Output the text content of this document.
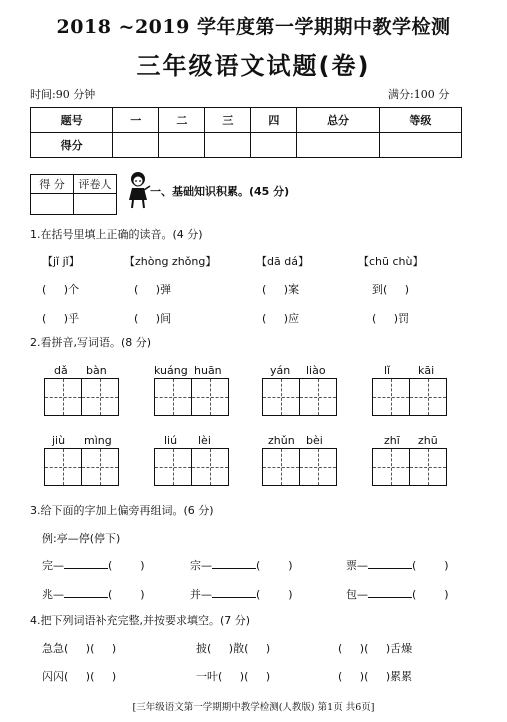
2018 ~2019 学年度第一学期期中教学检测
三年级语文试题(卷)
时间:90 分钟	满分:100 分
题号	一	二	三	四	总分	等级
得分						
得 分	评卷人

一、基础知识积累。(45 分)
1.在括号里填上正确的读音。(4 分)
【jǐ jǐ】	【zhòng zhǒng】	【dā dá】	【chū chù】
(     )个	(     )弹	(     )案	到(     )
(     )乎	(     )间	(     )应	(     )罚
2.看拼音,写词语。(8 分)
dǎ bàn	kuáng huān	yán liào	lǐ	kāi
jiù mìng	liú lèi	zhǔn bèi	zhī zhū
3.给下面的字加上偏旁再组词。(6 分)
例:亭—停(停下)
完—	(        )	宗—	(        )	票—	(        )
兆—	(        )	并—	(        )	包—	(        )
4.把下列词语补充完整,并按要求填空。(7 分)
急急(     )(     )	披(     )散(     )	(     )(     )舌燥
闪闪(     )(     )	一叶(     )(     )	(     )(     )累累
[三年级语文第一学期期中教学检测(人教版) 第1页 共6页]
